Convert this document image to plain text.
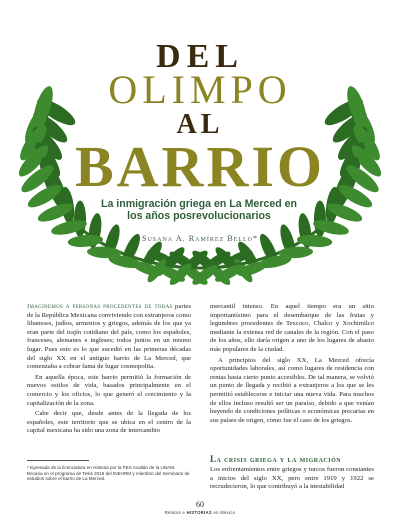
DEL
OLIMPO
AL
BARRIO
La inmigración griega en La Merced en los años posrevolucionarios
Susana A. Ramírez Bello*

Imaginemos a personas procedentes de todas partes de la República Mexicana conviviendo con extranjeros como libaneses, judíos, armenios y griegos, además de los que ya eran parte del trajín cotidiano del país, como los españoles, franceses, alemanes e ingleses; todos juntos en un mismo lugar. Pues esto es lo que sucedió en las primeras décadas del siglo XX en el antiguo barrio de La Merced, que comenzaba a cobrar fama de lugar cosmopolita.

En aquella época, este barrio permitió la formación de nuevos estilos de vida, basados principalmente en el comercio y los oficios, lo que generó el crecimiento y la capitalización de la zona.

Cabe decir que, desde antes de la llegada de los españoles, este territorio que se ubica en el centro de la capital mexicana ha sido una zona de intercambio

mercantil intenso. En aquel tiempo era un sitio importantísimo para el desembarque de las frutas y legumbres procedentes de Texcoco, Chalco y Xochimilco mediante la extensa red de canales de la región. Con el paso de los años, ello daría origen a uno de los lugares de abasto más populares de la ciudad.

A principios del siglo XX, La Merced ofrecía oportunidades laborales, así como lugares de residencia con rentas hasta cierto punto accesibles. De tal manera, se volvió un punto de llegada y recibió a extranjeros a los que se les permitió establecerse e iniciar una nueva vida. Para muchos de ellos incluso resultó ser un paraíso, debido a que venían huyendo de condiciones políticas o económicas precarias en sus países de origen, como fue el caso de los griegos.

La crisis griega y la migración

Los enfrentamientos entre griegos y turcos fueron constantes a inicios del siglo XX, pero entre 1919 y 1922 se recrudecieron, lo que contribuyó a la inestabilidad

* Egresada de la licenciatura en Historia por la FES Acatlán de la UNAM. Becaria en el programa de Tesis 2016 del INEHRM y miembro del Seminario de estudios sobre el barrio de La Merced.
60
Relatos e HISTORIAS en México
